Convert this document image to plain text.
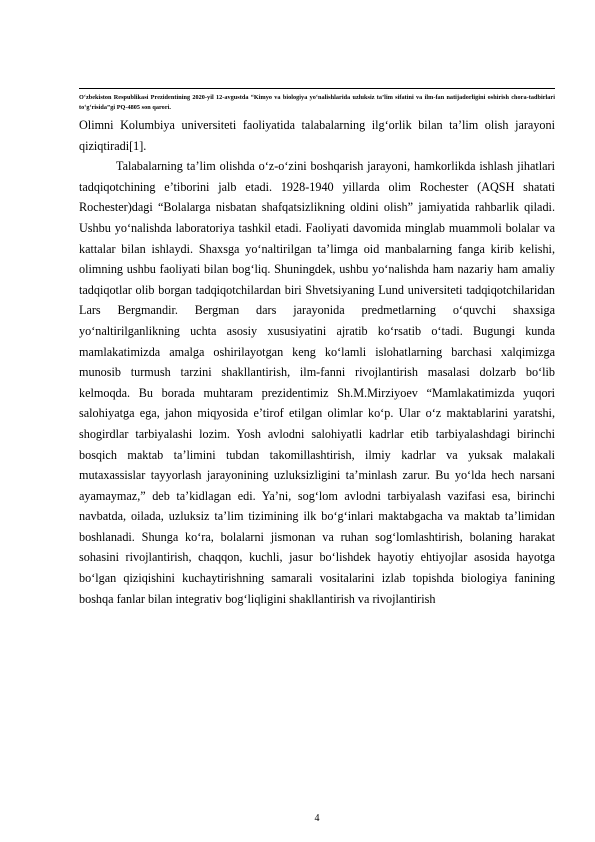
O‘zbekiston Respublikasi Prezidentining 2020-yil 12-avgustda “Kimyo va biologiya yo‘nalishlarida uzluksiz ta’lim sifatini va ilm-fan natijadorligini oshirish chora-tadbirlari to‘g‘risida”gi PQ-4805 son qarori.

Olimni Kolumbiya universiteti faoliyatida talabalarning ilg‘orlik bilan ta’lim olish jarayoni qiziqtiradi[1].

Talabalarning ta’lim olishda o‘z-o‘zini boshqarish jarayoni, hamkorlikda ishlash jihatlari tadqiqotchining e’tiborini jalb etadi. 1928-1940 yillarda olim Rochester (AQSH shatati Rochester)dagi “Bolalarga nisbatan shafqatsizlikning oldini olish” jamiyatida rahbarlik qiladi. Ushbu yo‘nalishda laboratoriya tashkil etadi. Faoliyati davomida minglab muammoli bolalar va kattalar bilan ishlaydi. Shaxsga yo‘naltirilgan ta’limga oid manbalarning fanga kirib kelishi, olimning ushbu faoliyati bilan bog‘liq. Shuningdek, ushbu yo‘nalishda ham nazariy ham amaliy tadqiqotlar olib borgan tadqiqotchilardan biri Shvetsiyaning Lund universiteti tadqiqotchilaridan Lars Bergmandir. Bergman dars jarayonida predmetlarning o‘quvchi shaxsiga yo‘naltirilganlikning uchta asosiy xususiyatini ajratib ko‘rsatib o‘tadi. Bugungi kunda mamlakatimizda amalga oshirilayotgan keng ko‘lamli islohatlarning barchasi xalqimizga munosib turmush tarzini shakllantirish, ilm-fanni rivojlantirish masalasi dolzarb bo‘lib kelmoqda. Bu borada muhtaram prezidentimiz Sh.M.Mirziyoev “Mamlakatimizda yuqori salohiyatga ega, jahon miqyosida e’tirof etilgan olimlar ko‘p. Ular o‘z maktablarini yaratshi, shogirdlar tarbiyalashi lozim. Yosh avlodni salohiyatli kadrlar etib tarbiyalashdagi birinchi bosqich maktab ta’limini tubdan takomillashtirish, ilmiy kadrlar va yuksak malakali mutaxassislar tayyorlash jarayonining uzluksizligini ta’minlash zarur. Bu yo‘lda hech narsani ayamaymaz,” deb ta’kidlagan edi. Ya’ni, sog‘lom avlodni tarbiyalash vazifasi esa, birinchi navbatda, oilada, uzluksiz ta’lim tizimining ilk bo‘g‘inlari maktabgacha va maktab ta’limidan boshlanadi. Shunga ko‘ra, bolalarni jismonan va ruhan sog‘lomlashtirish, bolaning harakat sohasini rivojlantirish, chaqqon, kuchli, jasur bo‘lishdek hayotiy ehtiyojlar asosida hayotga bo‘lgan qiziqishini kuchaytirishning samarali vositalarini izlab topishda biologiya fanining boshqa fanlar bilan integrativ bog‘liqligini shakllantirish va rivojlantirish

4
